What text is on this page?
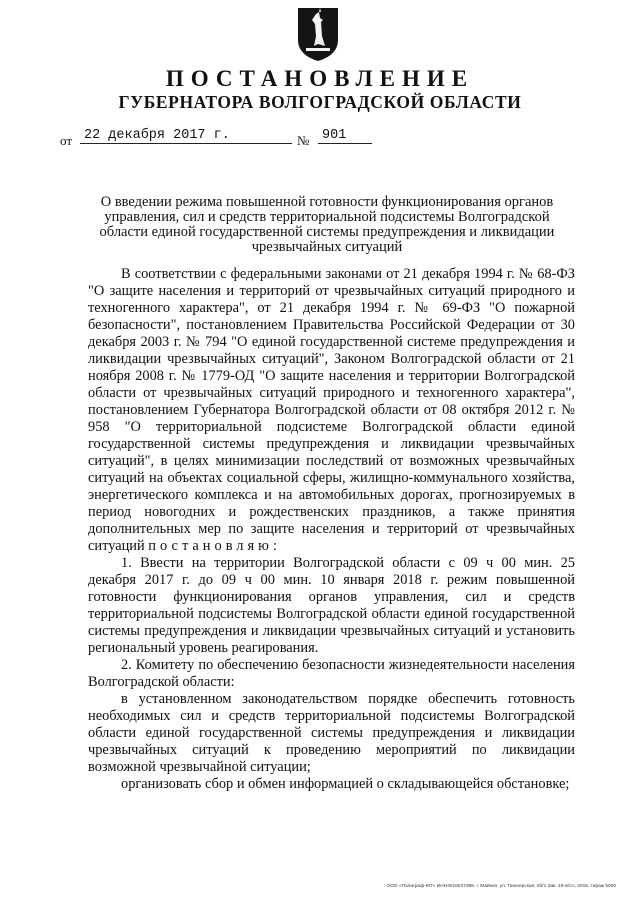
ПОСТАНОВЛЕНИЕ
ГУБЕРНАТОРА ВОЛГОГРАДСКОЙ ОБЛАСТИ
от 22 декабря 2017 г.	№ 901
О введении режима повышенной готовности функционирования органов управления, сил и средств территориальной подсистемы Волгоградской области единой государственной системы предупреждения и ликвидации чрезвычайных ситуаций

В соответствии с федеральными законами от 21 декабря 1994 г. № 68-ФЗ "О защите населения и территорий от чрезвычайных ситуаций природного и техногенного характера", от 21 декабря 1994 г. № 69-ФЗ "О пожарной безопасности", постановлением Правительства Российской Федерации от 30 декабря 2003 г. № 794 "О единой государственной системе предупреждения и ликвидации чрезвычайных ситуаций", Законом Волгоградской области от 21 ноября 2008 г. № 1779-ОД "О защите населения и территории Волгоградской области от чрезвычайных ситуаций природного и техногенного характера", постановлением Губернатора Волгоградской области от 08 октября 2012 г. № 958 "О территориальной подсистеме Волгоградской области единой государственной системы предупреждения и ликвидации чрезвычайных ситуаций", в целях минимизации последствий от возможных чрезвычайных ситуаций на объектах социальной сферы, жилищно-коммунального хозяйства, энергетического комплекса и на автомобильных дорогах, прогнозируемых в период новогодних и рождественских праздников, а также принятия дополнительных мер по защите населения и территорий от чрезвычайных ситуаций постановляю:

1. Ввести на территории Волгоградской области с 09 ч 00 мин. 25 декабря 2017 г. до 09 ч 00 мин. 10 января 2018 г. режим повышенной готовности функционирования органов управления, сил и средств территориальной подсистемы Волгоградской области единой государственной системы предупреждения и ликвидации чрезвычайных ситуаций и установить региональный уровень реагирования.

2. Комитету по обеспечению безопасности жизнедеятельности населения Волгоградской области:

в установленном законодательством порядке обеспечить готовность необходимых сил и средств территориальной подсистемы Волгоградской области единой государственной системы предупреждения и ликвидации чрезвычайных ситуаций к проведению мероприятий по ликвидации возможной чрезвычайной ситуации;

организовать сбор и обмен информацией о складывающейся обстановке;

ООО «Полиграф-ЮГ» ИНН3016037389, г. Майкоп, ул. Пионерская, 2б/1 Зак. 19-к/Сл, 2015, тираж 5000
